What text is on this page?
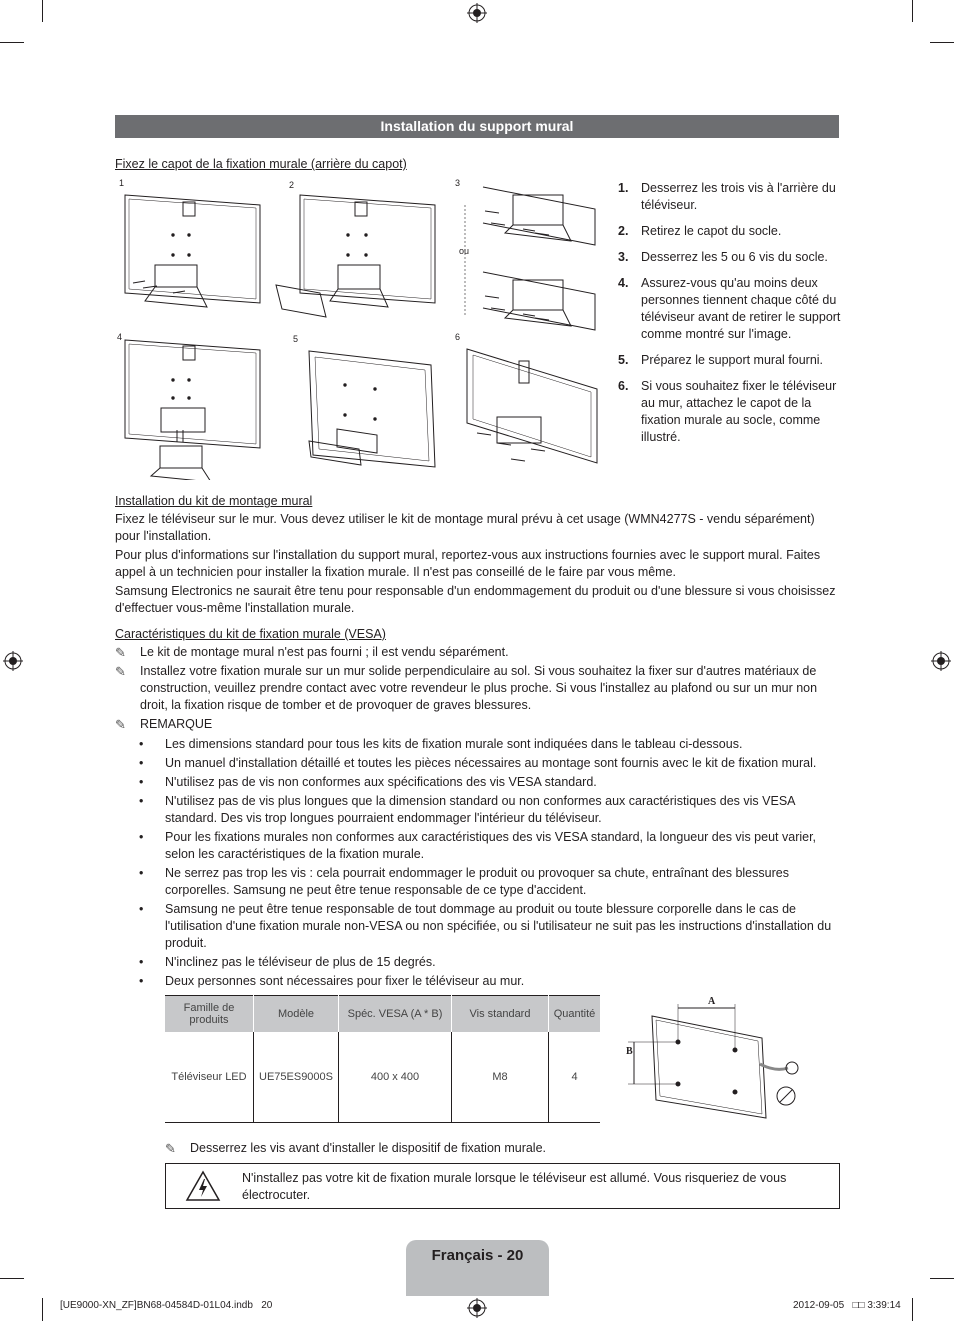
Installation du support mural
Fixez le capot de la fixation murale (arrière du capot)
1	2	3
4	5	6
ou
1. Desserrez les trois vis à l'arrière du téléviseur.
2. Retirez le capot du socle.
3. Desserrez les 5 ou 6 vis du socle.
4. Assurez-vous qu'au moins deux personnes tiennent chaque côté du téléviseur avant de retirer le support comme montré sur l'image.
5. Préparez le support mural fourni.
6. Si vous souhaitez fixer le téléviseur au mur, attachez le capot de la fixation murale au socle, comme illustré.
Installation du kit de montage mural
Fixez le téléviseur sur le mur. Vous devez utiliser le kit de montage mural prévu à cet usage (WMN4277S - vendu séparément) pour l'installation.
Pour plus d'informations sur l'installation du support mural, reportez-vous aux instructions fournies avec le support mural. Faites appel à un technicien pour installer la fixation murale. Il n'est pas conseillé de le faire par vous même.
Samsung Electronics ne saurait être tenu pour responsable d'un endommagement du produit ou d'une blessure si vous choisissez d'effectuer vous-même l'installation murale.
Caractéristiques du kit de fixation murale (VESA)
✎ Le kit de montage mural n'est pas fourni ; il est vendu séparément.
✎ Installez votre fixation murale sur un mur solide perpendiculaire au sol. Si vous souhaitez la fixer sur d'autres matériaux de construction, veuillez prendre contact avec votre revendeur le plus proche. Si vous l'installez au plafond ou sur un mur non droit, la fixation risque de tomber et de provoquer de graves blessures.
✎ REMARQUE
• Les dimensions standard pour tous les kits de fixation murale sont indiquées dans le tableau ci-dessous.
• Un manuel d'installation détaillé et toutes les pièces nécessaires au montage sont fournis avec le kit de fixation mural.
• N'utilisez pas de vis non conformes aux spécifications des vis VESA standard.
• N'utilisez pas de vis plus longues que la dimension standard ou non conformes aux caractéristiques des vis VESA standard. Des vis trop longues pourraient endommager l'intérieur du téléviseur.
• Pour les fixations murales non conformes aux caractéristiques des vis VESA standard, la longueur des vis peut varier, selon les caractéristiques de la fixation murale.
• Ne serrez pas trop les vis : cela pourrait endommager le produit ou provoquer sa chute, entraînant des blessures corporelles. Samsung ne peut être tenue responsable de ce type d'accident.
• Samsung ne peut être tenue responsable de tout dommage au produit ou toute blessure corporelle dans le cas de l'utilisation d'une fixation murale non-VESA ou non spécifiée, ou si l'utilisateur ne suit pas les instructions d'installation du produit.
• N'inclinez pas le téléviseur de plus de 15 degrés.
• Deux personnes sont nécessaires pour fixer le téléviseur au mur.
Famille de produits	Modèle	Spéc. VESA (A * B)	Vis standard	Quantité
Téléviseur LED	UE75ES9000S	400 x 400	M8	4
A
B
✎ Desserrez les vis avant d'installer le dispositif de fixation murale.
N'installez pas votre kit de fixation murale lorsque le téléviseur est allumé. Vous risqueriez de vous électrocuter.
Français - 20
[UE9000-XN_ZF]BN68-04584D-01L04.indb   20	2012-09-05   □□ 3:39:14
